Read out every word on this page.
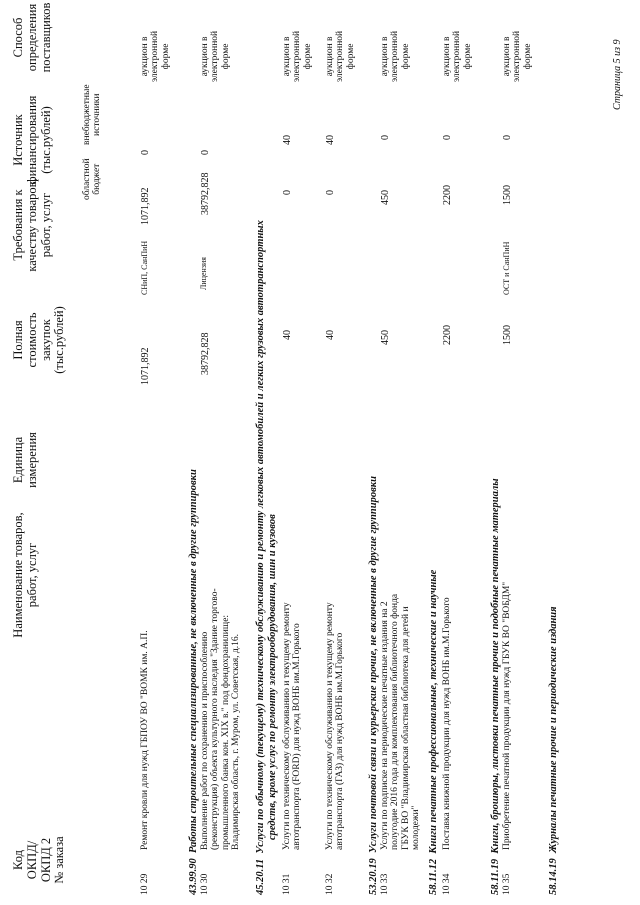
Код ОКПД/ ОКПД 2 № заказа
Наименование товаров, работ, услуг
Единица измерения
Полная стоимость закупок (тыс.рублей)
Требования к качеству товаров, работ, услуг
Источник финансирования (тыс.рублей)
областной бюджет
внебюджетные источники
Способ определения поставщиков
10 29
Ремонт кровли для нужд ГБПОУ ВО "ВОМК им. А.П.
1071,892
СНиП, СанПиН
1071,892
0
аукцион в электронной форме
43.99.90  Работы строительные специализированные, не включенные в другие группировки
10 30
Выполнение работ по сохранению и приспособлению (реконструкция) объекта культурного наследия "Здание торгово- промышленного банка кон. XIX в." под фондохранилище: Владимирская область, г. Муром, ул. Советская, д.16.
38792,828
Лицензия
38792,828
0
аукцион в электронной форме
45.20.11  Услуги по обычному (текущему) техническому обслуживанию и ремонту легковых автомобилей и легких грузовых автотранспортных средств, кроме услуг по ремонту электрооборудования, шин и кузовов
10 31
Услуги по техническому обслуживанию и текущему ремонту автотранспорта (FORD) для нужд ВОНБ им.М.Горького
40
0
40
аукцион в электронной форме
10 32
Услуги по техническому обслуживанию и текущему ремонту автотранспорта (ГАЗ) для нужд ВОНБ им.М.Горького
40
0
40
аукцион в электронной форме
53.20.19  Услуги почтовой связи и курьерские прочие, не включенные в другие группировки
10 33
Услуги по подписке на периодические печатные издания на 2 полугодие 2016 года для комплектования библиотечного фонда ГБУК ВО "Владимирская областная библиотека для детей и молодежи"
450
450
0
аукцион в электронной форме
58.11.12  Книги печатные профессиональные, технические и научные
10 34
Поставка книжной продукции для нужд ВОНБ им.М.Горького
2200
2200
0
аукцион в электронной форме
58.11.19  Книги, брошюры, листовки печатные прочие и подобные печатные материалы
10 35
Приобретение печатной продукции для нужд ГБУК ВО "ВОБДМ"
1500
ОСТ и СанПиН
1500
0
аукцион в электронной форме
58.14.19  Журналы печатные прочие и периодические издания
Страница 5 из 9
